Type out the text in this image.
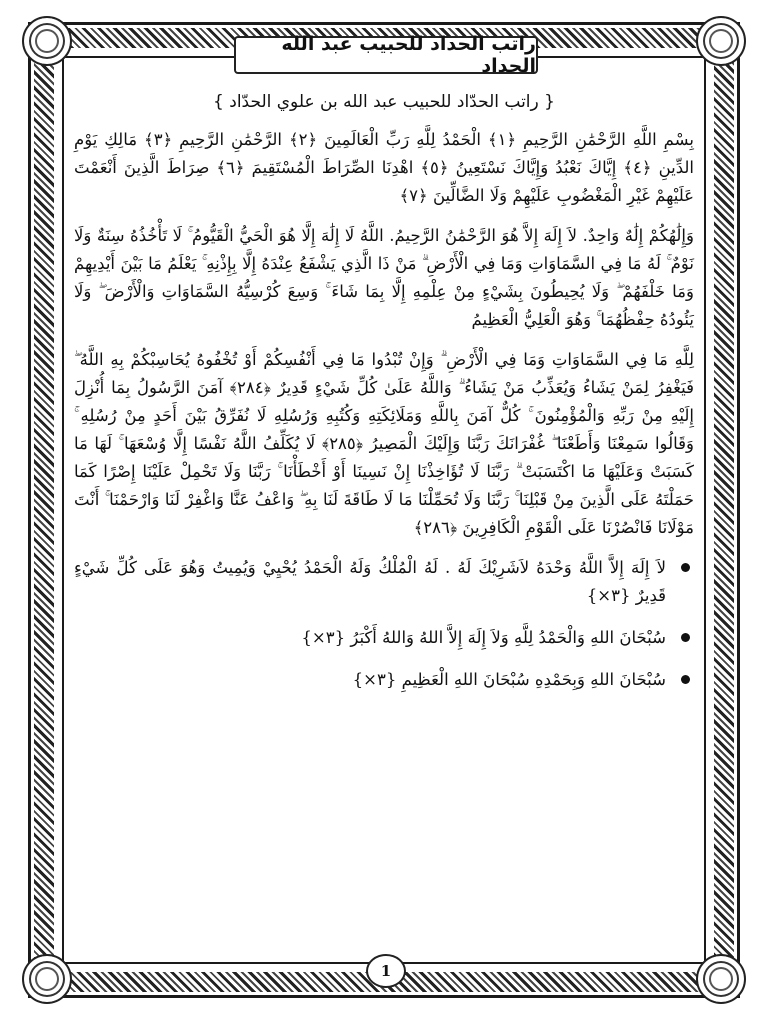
راتب الحداد للحبيب عبد الله الحداد
{ راتب الحدّاد للحبيب عبد الله بن علوي الحدّاد }

بِسْمِ اللَّهِ الرَّحْمَٰنِ الرَّحِيمِ ﴿١﴾ الْحَمْدُ لِلَّهِ رَبِّ الْعَالَمِينَ ﴿٢﴾ الرَّحْمَٰنِ الرَّحِيمِ ﴿٣﴾ مَالِكِ يَوْمِ الدِّينِ ﴿٤﴾ إِيَّاكَ نَعْبُدُ وَإِيَّاكَ نَسْتَعِينُ ﴿٥﴾ اهْدِنَا الصِّرَاطَ الْمُسْتَقِيمَ ﴿٦﴾ صِرَاطَ الَّذِينَ أَنْعَمْتَ عَلَيْهِمْ غَيْرِ الْمَغْضُوبِ عَلَيْهِمْ وَلَا الضَّالِّينَ ﴿٧﴾

وَإِلَٰهُكُمْ إِلَٰهٌ وَاحِدٌ. لاَ إِلَهَ إِلاَّ هُوَ الرَّحْمَٰنُ الرَّحِيمُ. اللَّهُ لَا إِلَٰهَ إِلَّا هُوَ الْحَيُّ الْقَيُّومُ ۚ لَا تَأْخُذُهُ سِنَةٌ وَلَا نَوْمٌ ۚ لَهُ مَا فِي السَّمَاوَاتِ وَمَا فِي الْأَرْضِ ۗ مَنْ ذَا الَّذِي يَشْفَعُ عِنْدَهُ إِلَّا بِإِذْنِهِ ۚ يَعْلَمُ مَا بَيْنَ أَيْدِيهِمْ وَمَا خَلْفَهُمْ ۖ وَلَا يُحِيطُونَ بِشَيْءٍ مِنْ عِلْمِهِ إِلَّا بِمَا شَاءَ ۚ وَسِعَ كُرْسِيُّهُ السَّمَاوَاتِ وَالْأَرْضَ ۖ وَلَا يَئُودُهُ حِفْظُهُمَا ۚ وَهُوَ الْعَلِيُّ الْعَظِيمُ

لِلَّهِ مَا فِي السَّمَاوَاتِ وَمَا فِي الْأَرْضِ ۗ وَإِنْ تُبْدُوا مَا فِي أَنْفُسِكُمْ أَوْ تُخْفُوهُ يُحَاسِبْكُمْ بِهِ اللَّهُ ۖ فَيَغْفِرُ لِمَنْ يَشَاءُ وَيُعَذِّبُ مَنْ يَشَاءُ ۗ وَاللَّهُ عَلَىٰ كُلِّ شَيْءٍ قَدِيرٌ ﴿٢٨٤﴾ آمَنَ الرَّسُولُ بِمَا أُنْزِلَ إِلَيْهِ مِنْ رَبِّهِ وَالْمُؤْمِنُونَ ۚ كُلٌّ آمَنَ بِاللَّهِ وَمَلَائِكَتِهِ وَكُتُبِهِ وَرُسُلِهِ لَا نُفَرِّقُ بَيْنَ أَحَدٍ مِنْ رُسُلِهِ ۚ وَقَالُوا سَمِعْنَا وَأَطَعْنَا ۖ غُفْرَانَكَ رَبَّنَا وَإِلَيْكَ الْمَصِيرُ ﴿٢٨٥﴾ لَا يُكَلِّفُ اللَّهُ نَفْسًا إِلَّا وُسْعَهَا ۚ لَهَا مَا كَسَبَتْ وَعَلَيْهَا مَا اكْتَسَبَتْ ۗ رَبَّنَا لَا تُؤَاخِذْنَا إِنْ نَسِينَا أَوْ أَخْطَأْنَا ۚ رَبَّنَا وَلَا تَحْمِلْ عَلَيْنَا إِصْرًا كَمَا حَمَلْتَهُ عَلَى الَّذِينَ مِنْ قَبْلِنَا ۚ رَبَّنَا وَلَا تُحَمِّلْنَا مَا لَا طَاقَةَ لَنَا بِهِ ۖ وَاعْفُ عَنَّا وَاغْفِرْ لَنَا وَارْحَمْنَا ۚ أَنْتَ مَوْلَانَا فَانْصُرْنَا عَلَى الْقَوْمِ الْكَافِرِينَ ﴿٢٨٦﴾

لاَ إِلَهَ إِلاَّ اللَّهُ وَحْدَهُ لاَشَرِيْكَ لَهُ . لَهُ الْمُلْكُ وَلَهُ الْحَمْدُ يُحْيِيْ وَيُمِيتُ وَهُوَ عَلَى كُلِّ شَيْءٍ قَدِيرٌ {٣×}
سُبْحَانَ اللهِ وَالْحَمْدُ لِلَّهِ وَلاَ إِلَهَ إِلاَّ اللهُ وَاللهُ أَكْبَرُ {٣×}
سُبْحَانَ اللهِ وَبِحَمْدِهِ سُبْحَانَ اللهِ الْعَظِيمِ {٣×}
1
